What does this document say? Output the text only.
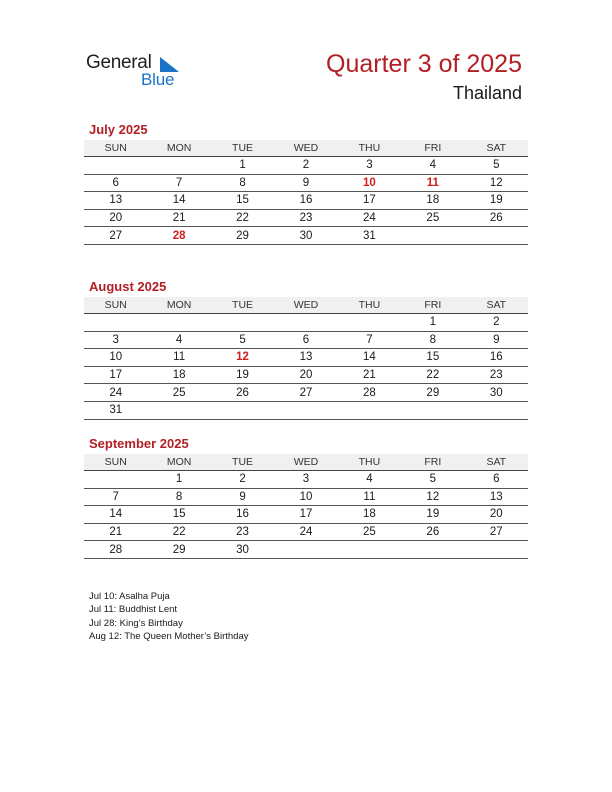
General
Blue
Quarter 3 of 2025
Thailand
July 2025
SUN	MON	TUE	WED	THU	FRI	SAT
		1	2	3	4	5
6	7	8	9	10	11	12
13	14	15	16	17	18	19
20	21	22	23	24	25	26
27	28	29	30	31		
August 2025
SUN	MON	TUE	WED	THU	FRI	SAT
					1	2
3	4	5	6	7	8	9
10	11	12	13	14	15	16
17	18	19	20	21	22	23
24	25	26	27	28	29	30
31						
September 2025
SUN	MON	TUE	WED	THU	FRI	SAT
	1	2	3	4	5	6
7	8	9	10	11	12	13
14	15	16	17	18	19	20
21	22	23	24	25	26	27
28	29	30				
Jul 10: Asalha Puja
Jul 11: Buddhist Lent
Jul 28: King’s Birthday
Aug 12: The Queen Mother’s Birthday
